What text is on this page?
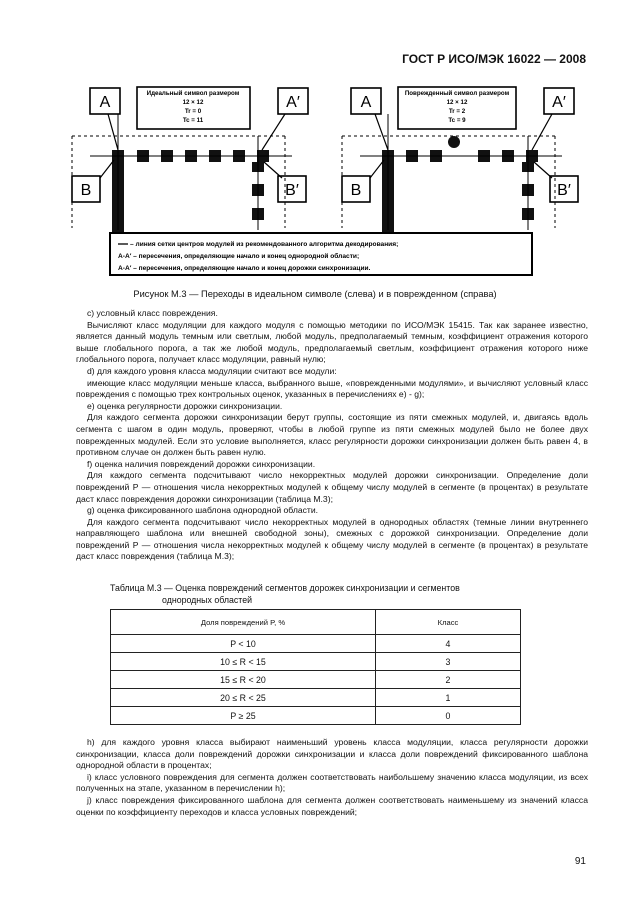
ГОСТ Р ИСО/МЭК 16022 — 2008
A
Идеальный символ размером
12 × 12
Tr = 0
Tc = 11
A′
B	B′
A
Поврежденный символ размером
12 × 12
Tr = 2
Tc = 9
A′
B	B′
– линия сетки центров модулей из рекомендованного алгоритма декодирования;
A-A′ – пересечения, определяющие начало и конец однородной области;
A-A′ – пересечения, определяющие начало и конец дорожки синхронизации.
Рисунок М.3 — Переходы в идеальном символе (слева) и в поврежденном (справа)

c) условный класс повреждения.

Вычисляют класс модуляции для каждого модуля с помощью методики по ИСО/МЭК 15415. Так как заранее известно, является данный модуль темным или светлым, любой модуль, предполагаемый темным, коэффициент отражения которого выше глобального порога, а так же любой модуль, предполагаемый светлым, коэффициент отражения которого ниже глобального порога, получает класс модуляции, равный нулю;

d) для каждого уровня класса модуляции считают все модули:

имеющие класс модуляции меньше класса, выбранного выше, «поврежденными модулями», и вычисляют условный класс повреждения с помощью трех контрольных оценок, указанных в перечислениях e) - g);

e) оценка регулярности дорожки синхронизации.

Для каждого сегмента дорожки синхронизации берут группы, состоящие из пяти смежных модулей, и, двигаясь вдоль сегмента с шагом в один модуль, проверяют, чтобы в любой группе из пяти смежных модулей было не более двух поврежденных модулей. Если это условие выполняется, класс регулярности дорожки синхронизации должен быть равен 4, в противном случае он должен быть равен нулю.

f) оценка наличия повреждений дорожки синхронизации.

Для каждого сегмента подсчитывают число некорректных модулей дорожки синхронизации. Определение доли повреждений P — отношения числа некорректных модулей к общему числу модулей в сегменте (в процентах) в результате даст класс повреждения дорожки синхронизации (таблица М.3);

g) оценка фиксированного шаблона однородной области.

Для каждого сегмента подсчитывают число некорректных модулей в однородных областях (темные линии внутреннего направляющего шаблона или внешней свободной зоны), смежных с дорожкой синхронизации. Определение доли повреждений P — отношения числа некорректных модулей к общему числу модулей в сегменте (в процентах) в результате даст класс повреждения (таблица М.3);

Таблица М.3 — Оценка повреждений сегментов дорожек синхронизации и сегментов
однородных областей
Доля повреждений P, %	Класс
P < 10	4
10 ≤ R < 15	3
15 ≤ R < 20	2
20 ≤ R < 25	1
P ≥ 25	0

h) для каждого уровня класса выбирают наименьший уровень класса модуляции, класса регулярности дорожки синхронизации, класса доли повреждений дорожки синхронизации и класса доли повреждений фиксированного шаблона однородной области в процентах;

i) класс условного повреждения для сегмента должен соответствовать наибольшему значению класса модуляции, из всех полученных на этапе, указанном в перечислении h);

j) класс повреждения фиксированного шаблона для сегмента должен соответствовать наименьшему из значений класса оценки по коэффициенту переходов и класса условных повреждений;

91
